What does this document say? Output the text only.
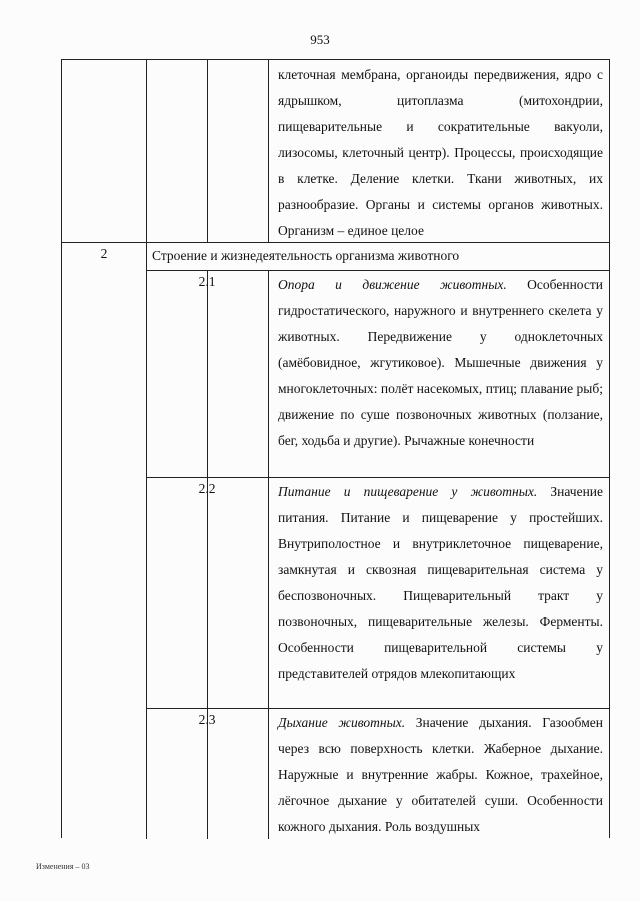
953
клеточная мембрана, органоиды передвижения, ядро с ядрышком, цитоплазма (митохондрии, пищеварительные и сократительные вакуоли, лизосомы, клеточный центр). Процессы, происходящие в клетке. Деление клетки. Ткани животных, их разнообразие. Органы и системы органов животных. Организм – единое целое
2	Строение и жизнедеятельность организма животного
2.1	Опора и движение животных. Особенности гидростатического, наружного и внутреннего скелета у животных. Передвижение у одноклеточных (амёбовидное, жгутиковое). Мышечные движения у многоклеточных: полёт насекомых, птиц; плавание рыб; движение по суше позвоночных животных (ползание, бег, ходьба и другие). Рычажные конечности
2.2	Питание и пищеварение у животных. Значение питания. Питание и пищеварение у простейших. Внутриполостное и внутриклеточное пищеварение, замкнутая и сквозная пищеварительная система у беспозвоночных. Пищеварительный тракт у позвоночных, пищеварительные железы. Ферменты. Особенности пищеварительной системы у представителей отрядов млекопитающих
2.3	Дыхание животных. Значение дыхания. Газообмен через всю поверхность клетки. Жаберное дыхание. Наружные и внутренние жабры. Кожное, трахейное, лёгочное дыхание у обитателей суши. Особенности кожного дыхания. Роль воздушных
Изменения – 03
